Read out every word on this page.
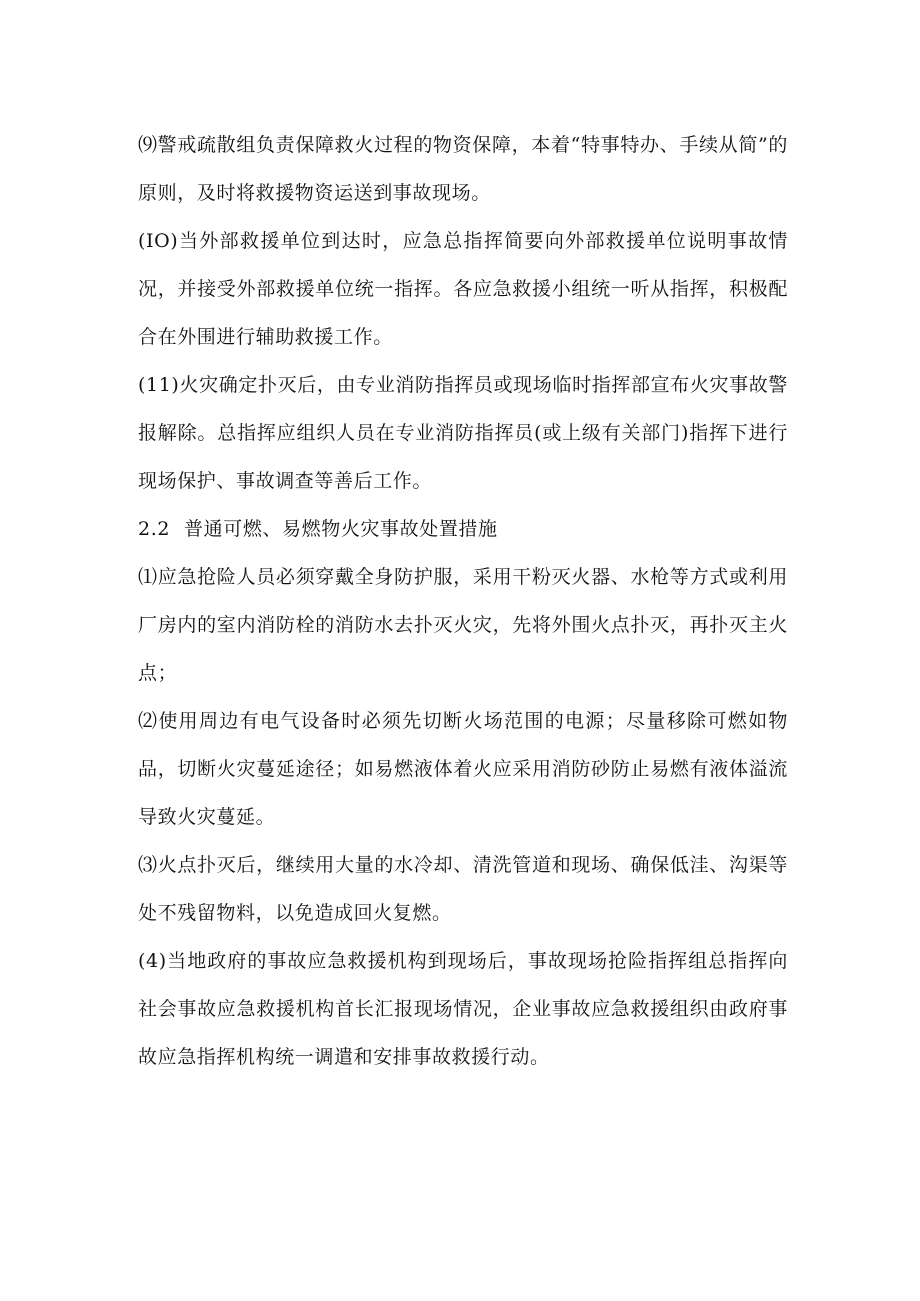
⑼警戒疏散组负责保障救火过程的物资保障，本着“特事特办、手续从简”的原则，及时将救援物资运送到事故现场。

(IO)当外部救援单位到达时，应急总指挥简要向外部救援单位说明事故情况，并接受外部救援单位统一指挥。各应急救援小组统一听从指挥，积极配合在外围进行辅助救援工作。

(11)火灾确定扑灭后，由专业消防指挥员或现场临时指挥部宣布火灾事故警报解除。总指挥应组织人员在专业消防指挥员(或上级有关部门)指挥下进行现场保护、事故调查等善后工作。

2.2 普通可燃、易燃物火灾事故处置措施

⑴应急抢险人员必须穿戴全身防护服，采用干粉灭火器、水枪等方式或利用厂房内的室内消防栓的消防水去扑灭火灾，先将外围火点扑灭，再扑灭主火点；

⑵使用周边有电气设备时必须先切断火场范围的电源；尽量移除可燃如物品，切断火灾蔓延途径；如易燃液体着火应采用消防砂防止易燃有液体溢流导致火灾蔓延。

⑶火点扑灭后，继续用大量的水冷却、清洗管道和现场、确保低洼、沟渠等处不残留物料，以免造成回火复燃。

(4)当地政府的事故应急救援机构到现场后，事故现场抢险指挥组总指挥向社会事故应急救援机构首长汇报现场情况，企业事故应急救援组织由政府事故应急指挥机构统一调遣和安排事故救援行动。
